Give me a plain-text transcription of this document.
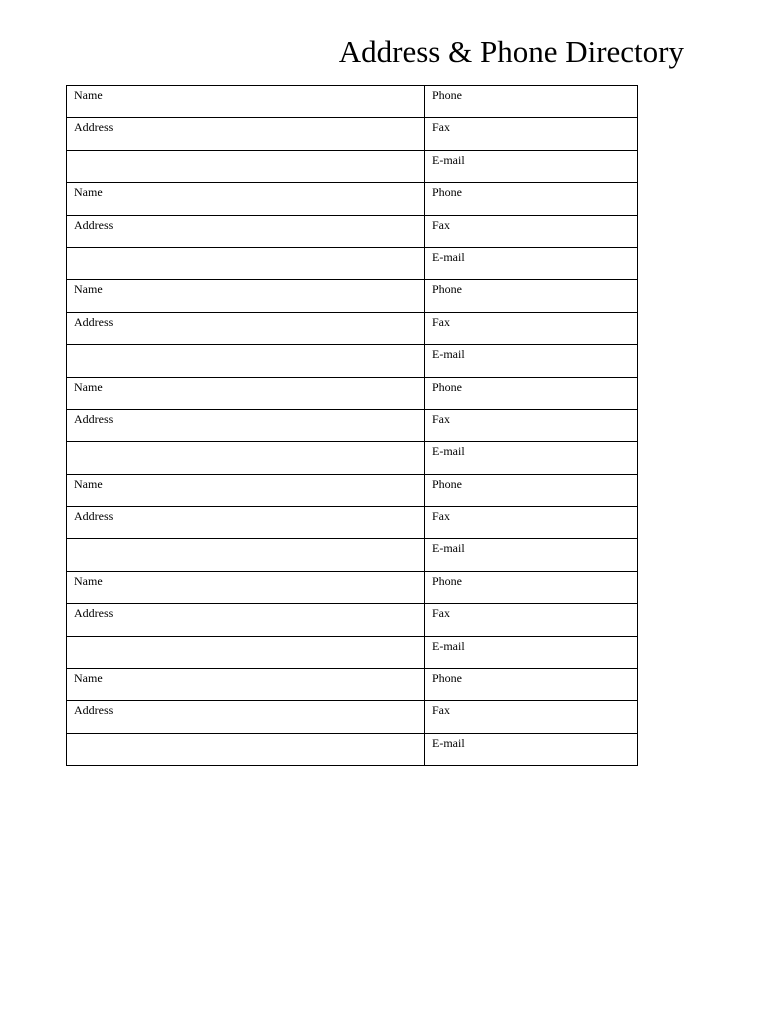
Address & Phone Directory
Name	Phone

Address	Fax

	E-mail

Name	Phone

Address	Fax

	E-mail

Name	Phone

Address	Fax

	E-mail

Name	Phone

Address	Fax

	E-mail

Name	Phone

Address	Fax

	E-mail

Name	Phone

Address	Fax

	E-mail

Name	Phone

Address	Fax

	E-mail
